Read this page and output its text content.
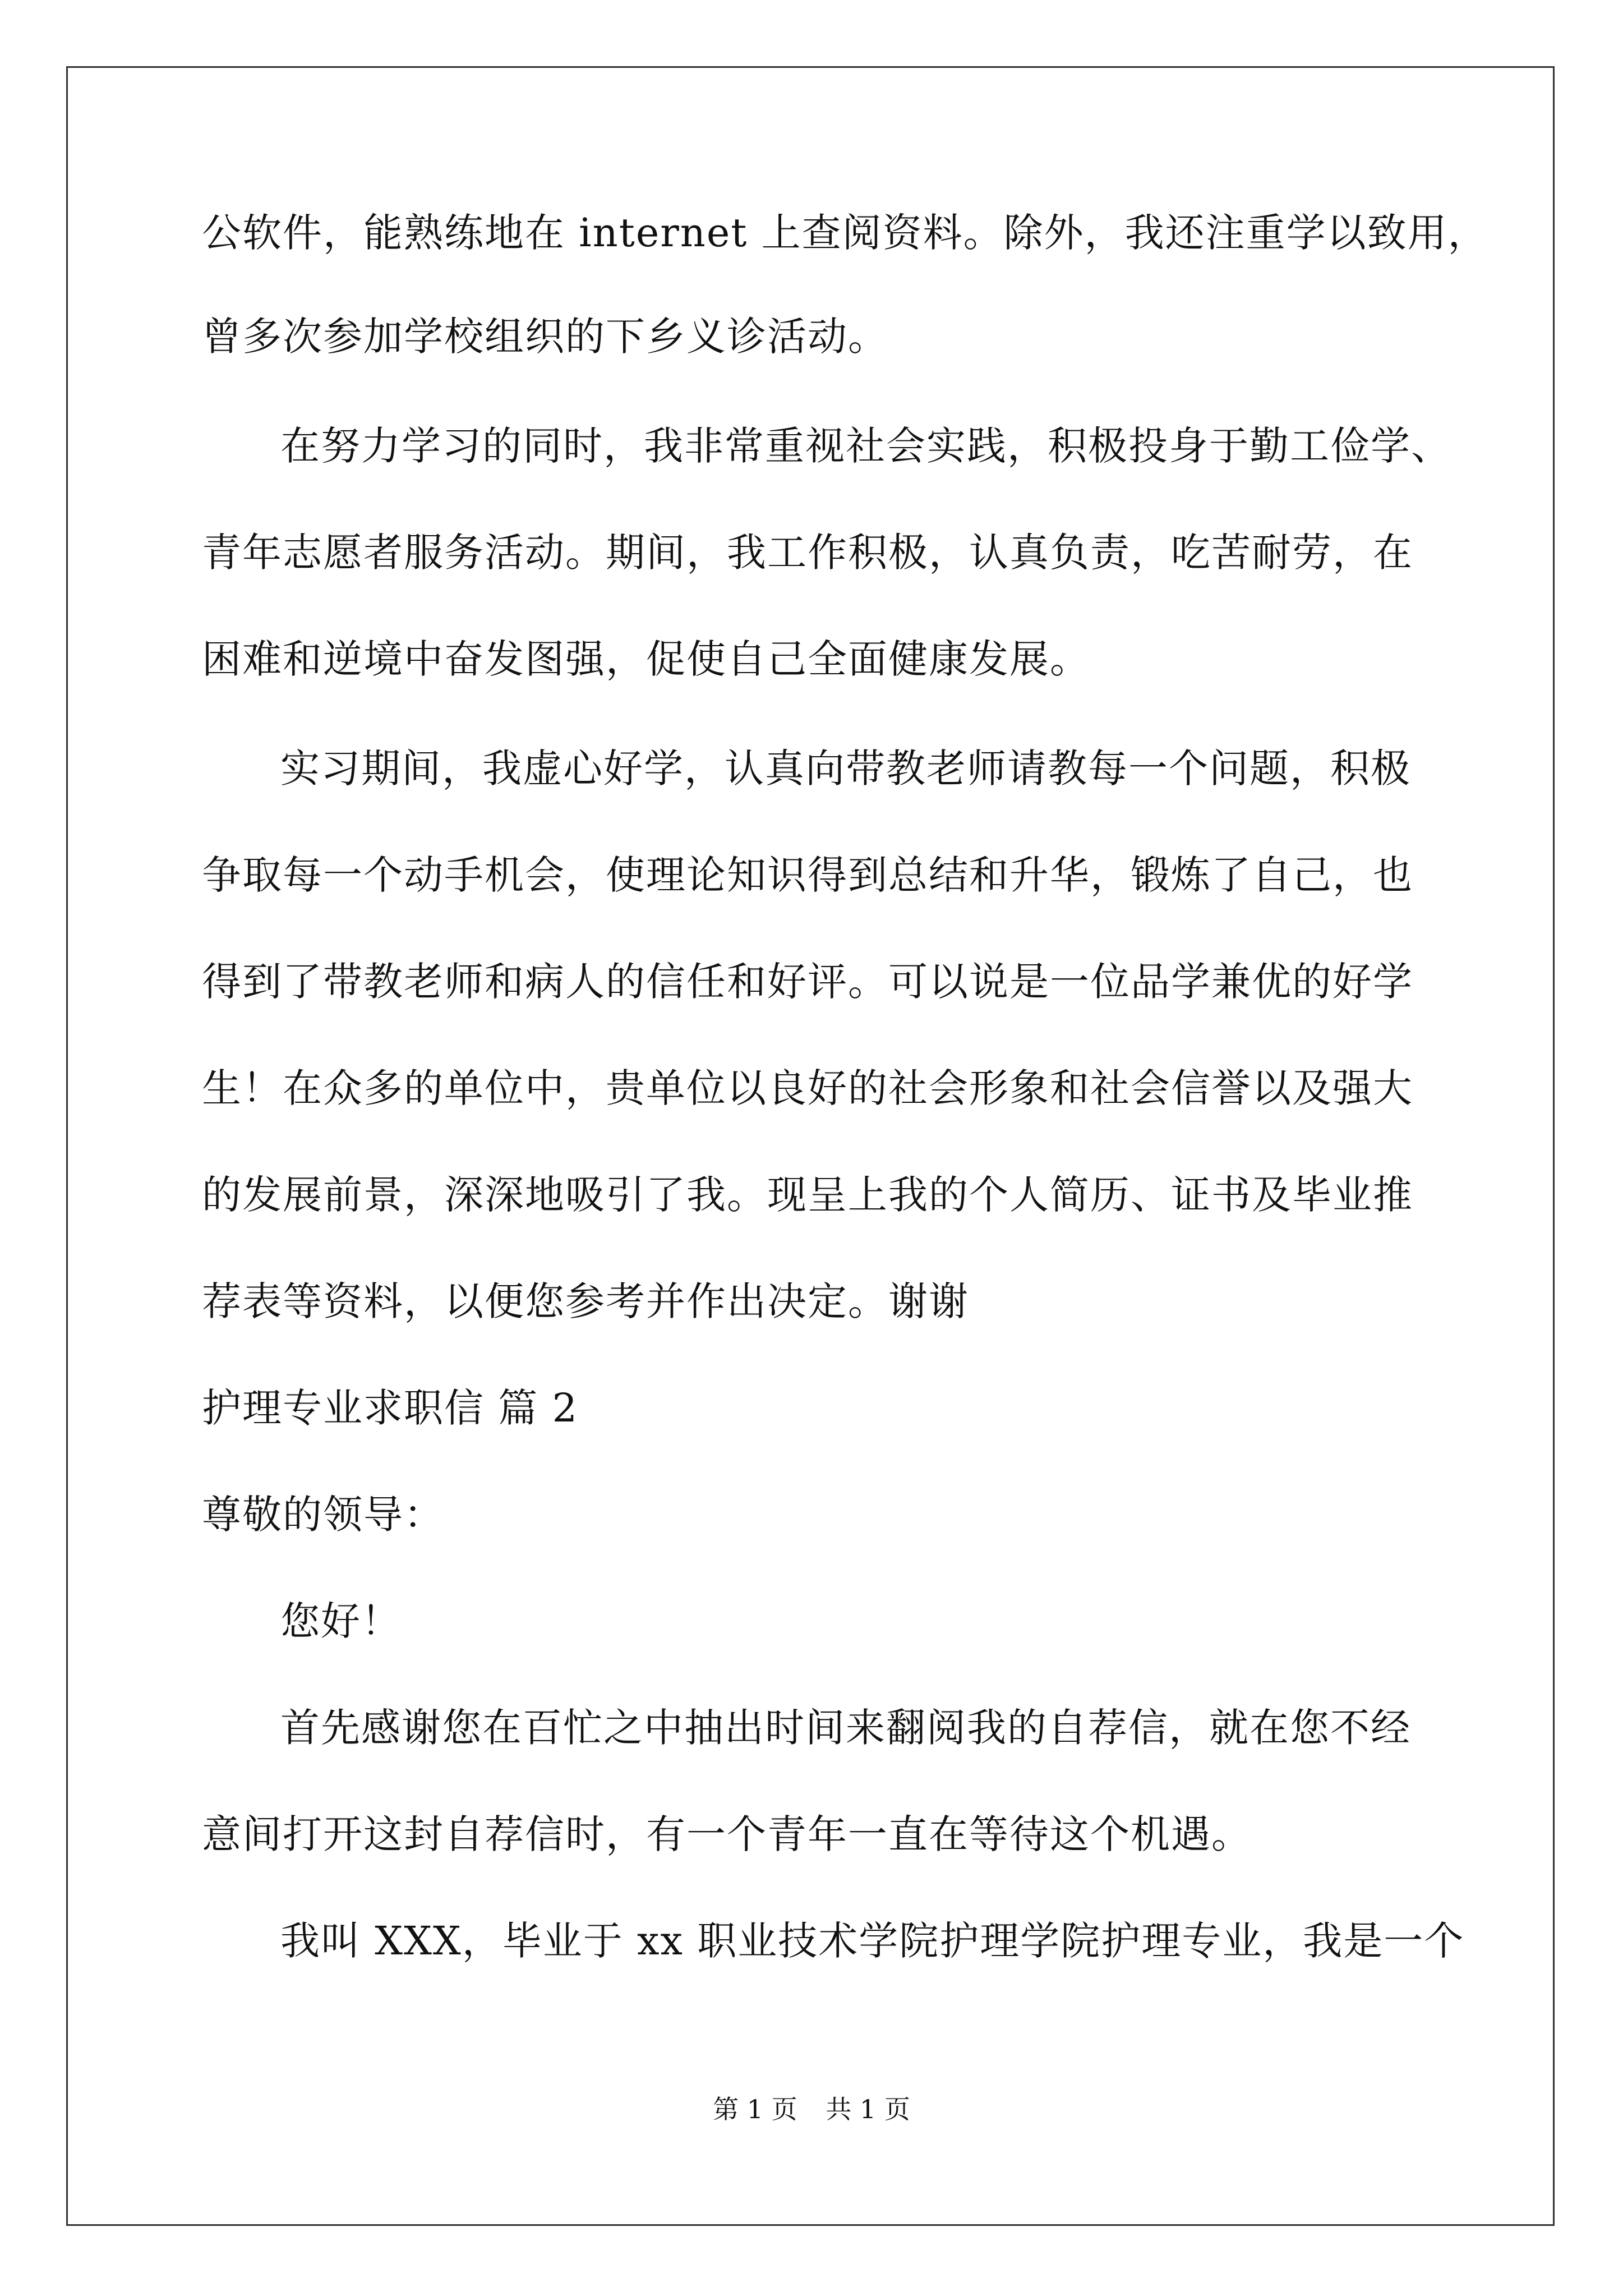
公软件，能熟练地在 internet 上查阅资料。除外，我还注重学以致用，
曾多次参加学校组织的下乡义诊活动。
在努力学习的同时，我非常重视社会实践，积极投身于勤工俭学、
青年志愿者服务活动。期间，我工作积极，认真负责，吃苦耐劳，在
困难和逆境中奋发图强，促使自己全面健康发展。
实习期间，我虚心好学，认真向带教老师请教每一个问题，积极
争取每一个动手机会，使理论知识得到总结和升华，锻炼了自己，也
得到了带教老师和病人的信任和好评。可以说是一位品学兼优的好学
生！在众多的单位中，贵单位以良好的社会形象和社会信誉以及强大
的发展前景，深深地吸引了我。现呈上我的个人简历、证书及毕业推
荐表等资料，以便您参考并作出决定。谢谢
护理专业求职信 篇 2
尊敬的领导：
您好！
首先感谢您在百忙之中抽出时间来翻阅我的自荐信，就在您不经
意间打开这封自荐信时，有一个青年一直在等待这个机遇。
我叫 XXX，毕业于 xx 职业技术学院护理学院护理专业，我是一个
第 1 页 共 1 页
